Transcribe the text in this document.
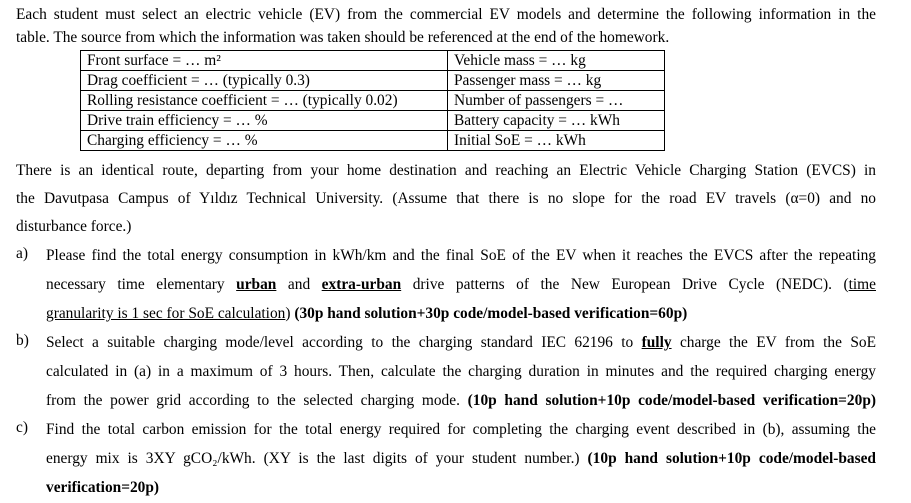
Each student must select an electric vehicle (EV) from the commercial EV models and determine the following information in the
table. The source from which the information was taken should be referenced at the end of the homework.
Front surface = … m²	Vehicle mass = … kg
Drag coefficient = … (typically 0.3)	Passenger mass = … kg
Rolling resistance coefficient = … (typically 0.02)	Number of passengers = …
Drive train efficiency = … %	Battery capacity = … kWh
Charging efficiency = … %	Initial SoE = … kWh
There is an identical route, departing from your home destination and reaching an Electric Vehicle Charging Station (EVCS) in
the Davutpasa Campus of Yıldız Technical University. (Assume that there is no slope for the road EV travels (α=0) and no
disturbance force.)
a) Please find the total energy consumption in kWh/km and the final SoE of the EV when it reaches the EVCS after the repeating
necessary time elementary urban and extra-urban drive patterns of the New European Drive Cycle (NEDC). (time
granularity is 1 sec for SoE calculation) (30p hand solution+30p code/model-based verification=60p)
b) Select a suitable charging mode/level according to the charging standard IEC 62196 to fully charge the EV from the SoE
calculated in (a) in a maximum of 3 hours. Then, calculate the charging duration in minutes and the required charging energy
from the power grid according to the selected charging mode. (10p hand solution+10p code/model-based verification=20p)
c) Find the total carbon emission for the total energy required for completing the charging event described in (b), assuming the
energy mix is 3XY gCO₂/kWh. (XY is the last digits of your student number.) (10p hand solution+10p code/model-based
verification=20p)
